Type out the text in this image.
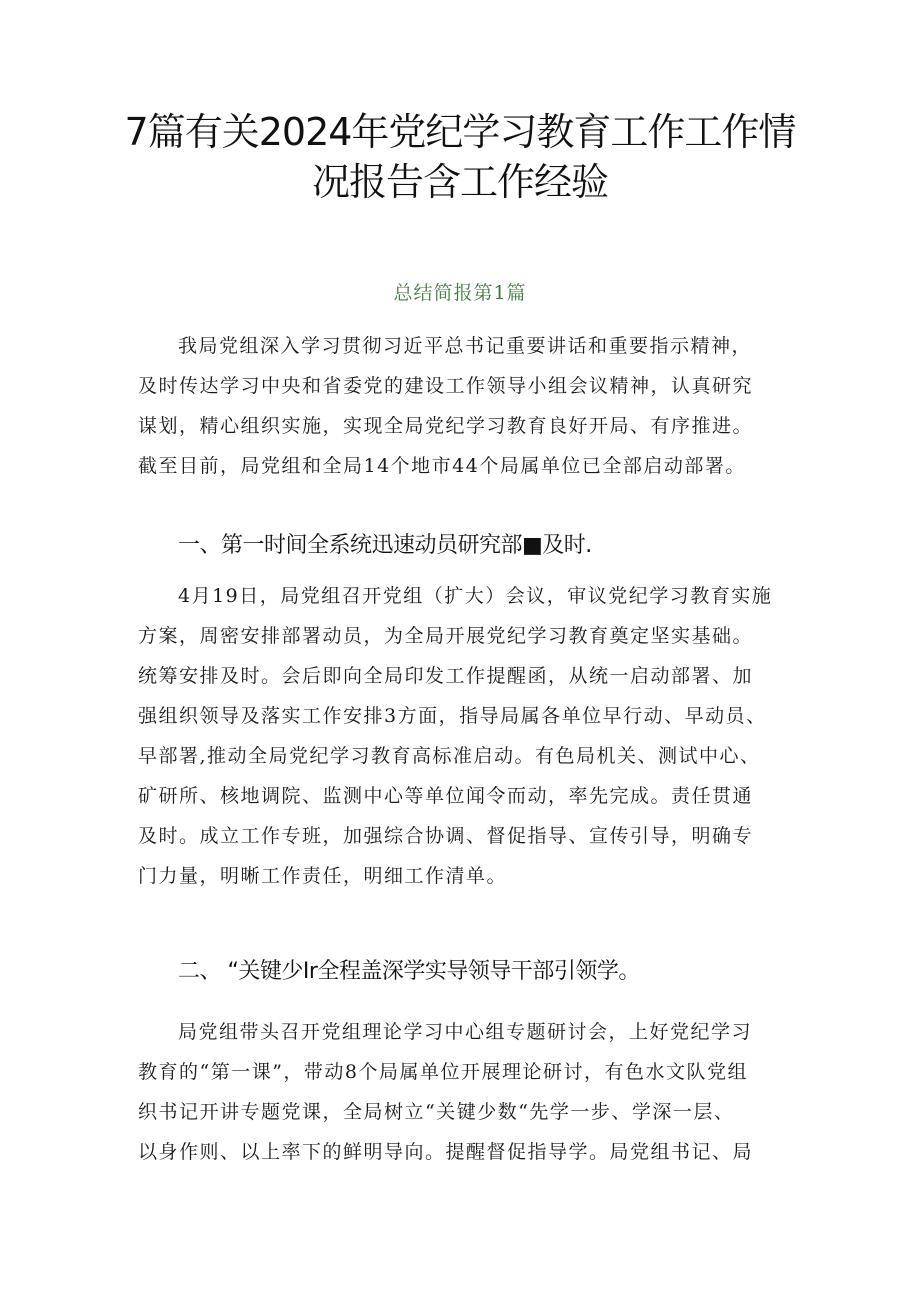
7篇有关2024年党纪学习教育工作工作情
况报告含工作经验
总结简报第1篇
我局党组深入学习贯彻习近平总书记重要讲话和重要指示精神，
及时传达学习中央和省委党的建设工作领导小组会议精神，认真研究
谋划，精心组织实施，实现全局党纪学习教育良好开局、有序推进。
截至目前，局党组和全局14个地市44个局属单位已全部启动部署。
一、第一时间全系统迅速动员研究部■及时.
4月19日，局党组召开党组（扩大）会议，审议党纪学习教育实施
方案，周密安排部署动员，为全局开展党纪学习教育奠定坚实基础。
统筹安排及时。会后即向全局印发工作提醒函，从统一启动部署、加
强组织领导及落实工作安排3方面，指导局属各单位早行动、早动员、
早部署,推动全局党纪学习教育高标准启动。有色局机关、测试中心、
矿研所、核地调院、监测中心等单位闻令而动，率先完成。责任贯通
及时。成立工作专班，加强综合协调、督促指导、宣传引导，明确专
门力量，明晰工作责任，明细工作清单。
二、 “关键少Ir全程盖深学实导领导干部引领学。
局党组带头召开党组理论学习中心组专题研讨会，上好党纪学习
教育的“第一课”，带动8个局属单位开展理论研讨，有色水文队党组
织书记开讲专题党课，全局树立“关键少数“先学一步、学深一层、
以身作则、以上率下的鲜明导向。提醒督促指导学。局党组书记、局
